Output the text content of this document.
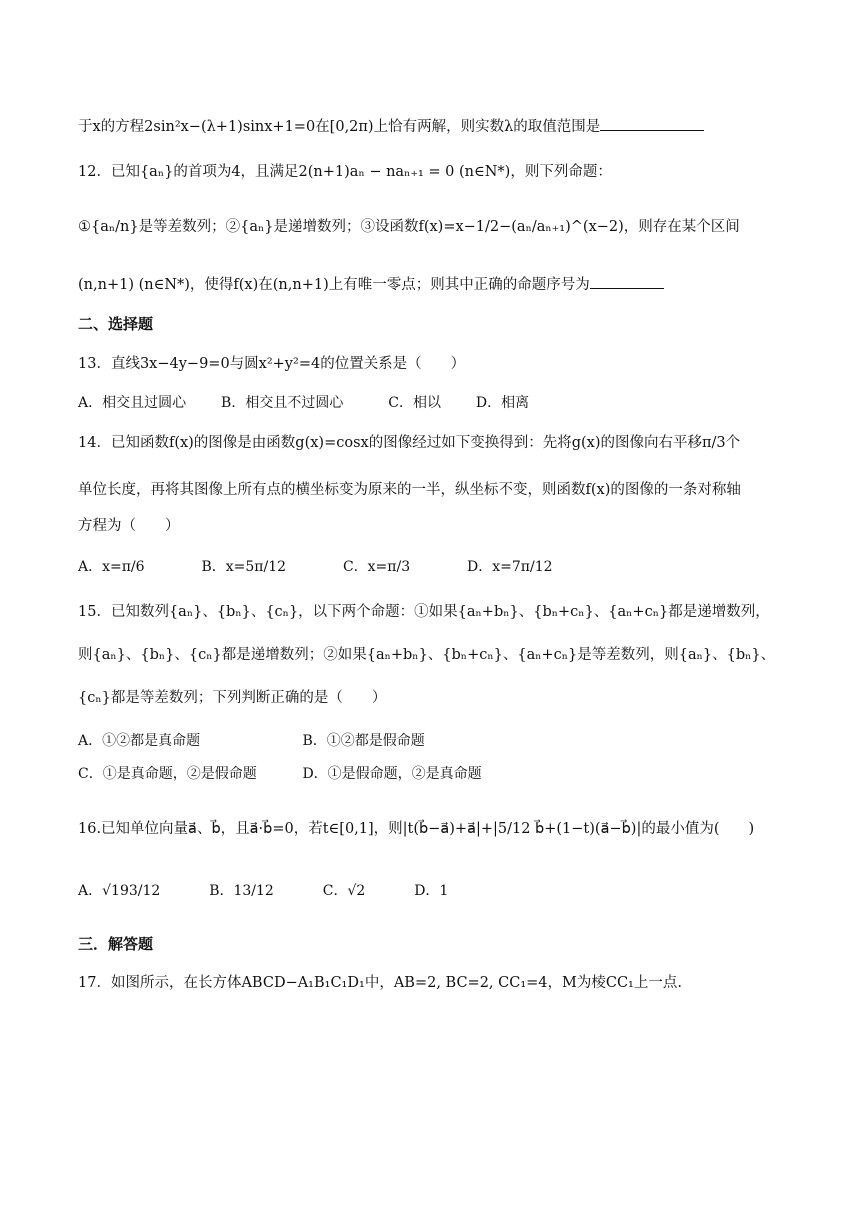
于x的方程2sin²x−(λ+1)sinx+1=0在[0,2π)上恰有两解，则实数λ的取值范围是
12．已知{aₙ}的首项为4，且满足2(n+1)aₙ − naₙ₊₁ = 0 (n∈N*)，则下列命题：
①{aₙ/n}是等差数列；②{aₙ}是递增数列；③设函数f(x)=x−1/2−(aₙ/aₙ₊₁)^(x−2)，则存在某个区间
(n,n+1) (n∈N*)，使得f(x)在(n,n+1)上有唯一零点；则其中正确的命题序号为
二、选择题
13．直线3x−4y−9=0与圆x²+y²=4的位置关系是（　　）
A．相交且过圆心 B．相交且不过圆心	C．相以 D．相离
14．已知函数f(x)的图像是由函数g(x)=cosx的图像经过如下变换得到：先将g(x)的图像向右平移π/3个
单位长度，再将其图像上所有点的横坐标变为原来的一半，纵坐标不变，则函数f(x)的图像的一条对称轴
方程为（　　）
A．x=π/6	B．x=5π/12	C．x=π/3	D．x=7π/12
15．已知数列{aₙ}、{bₙ}、{cₙ}，以下两个命题：①如果{aₙ+bₙ}、{bₙ+cₙ}、{aₙ+cₙ}都是递增数列，
则{aₙ}、{bₙ}、{cₙ}都是递增数列；②如果{aₙ+bₙ}、{bₙ+cₙ}、{aₙ+cₙ}是等差数列，则{aₙ}、{bₙ}、
{cₙ}都是等差数列；下列判断正确的是（　　）
A．①②都是真命题	B．①②都是假命题
C．①是真命题，②是假命题	D．①是假命题，②是真命题
16.已知单位向量a⃗、b⃗，且a⃗·b⃗=0，若t∈[0,1]，则|t(b⃗−a⃗)+a⃗|+|5/12 b⃗+(1−t)(a⃗−b⃗)|的最小值为(　　)
A．√193/12	B．13/12	C．√2	D．1
三．解答题
17．如图所示，在长方体ABCD−A₁B₁C₁D₁中，AB=2, BC=2, CC₁=4，M为棱CC₁上一点.
